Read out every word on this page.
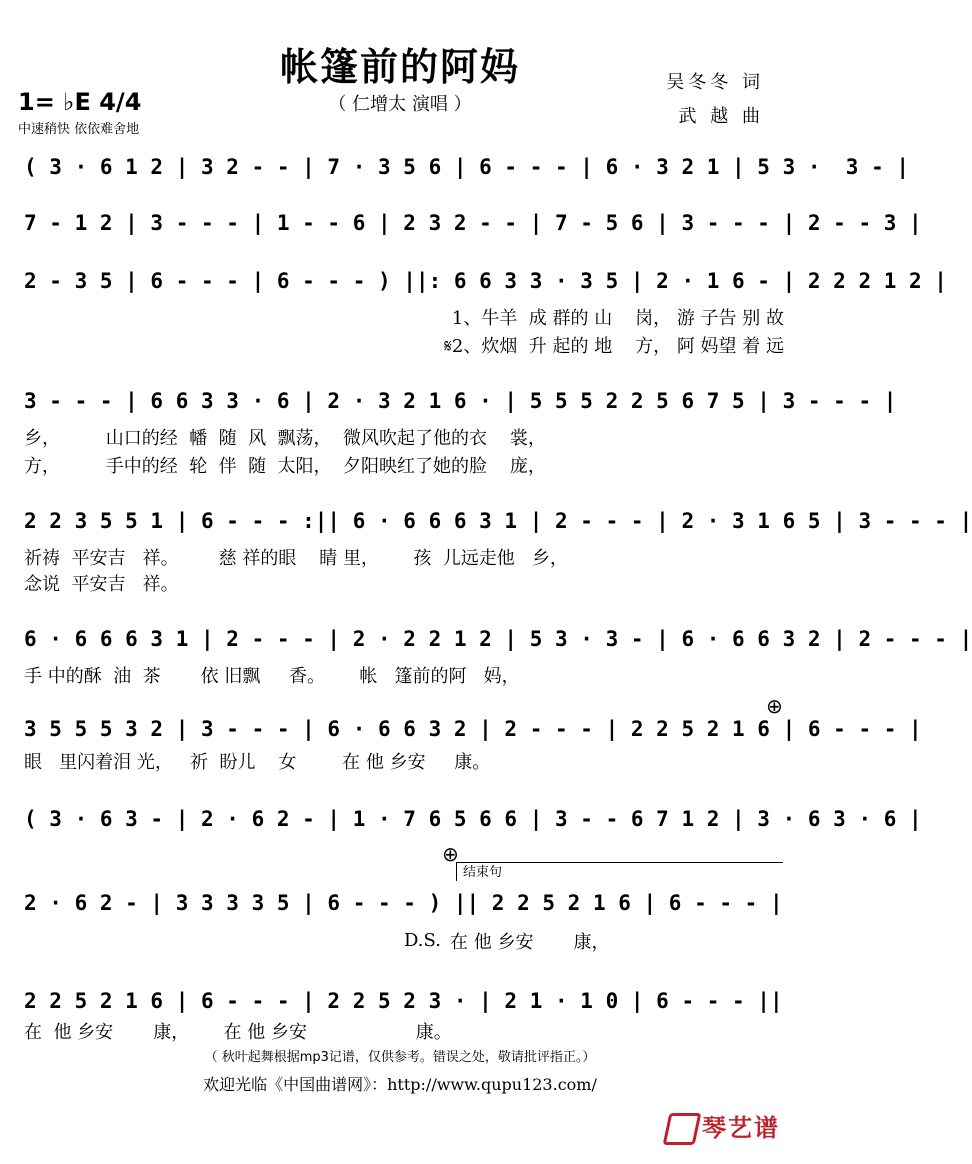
帐篷前的阿妈
1= ♭E 4/4
中速稍快 依依难舍地
（ 仁增太 演唱 ）
吴冬冬 词
武 越 曲
( 3 · 6 1 2 | 3 2 - - | 7 · 3 5 6 | 6 - - - | 6 · 3 2 1 | 5 3 ·  3 - |
7 - 1 2 | 3 - - - | 1 - - 6 | 2 3 2 - - | 7 - 5 6 | 3 - - - | 2 - - 3 |
2 - 3 5 | 6 - - - | 6 - - - ) ||: 6 6 3 3 · 3 5 | 2 · 1 6 - | 2 2 2 1 2 |
1、牛羊  成 群的 山    岗， 游 子告 别 故
𝄋2、炊烟  升 起的 地    方， 阿 妈望 着 远
3 - - - | 6 6 3 3 · 6 | 2 · 3 2 1 6 · | 5 5 5 2 2 5 6 7 5 | 3 - - - |
乡，        山口的经  幡  随  风  飘荡，  微风吹起了他的衣    裳，
方，        手中的经  轮  伴  随  太阳，  夕阳映红了她的脸    庞，
2 2 3 5 5 1 | 6 - - - :|| 6 · 6 6 6 3 1 | 2 - - - | 2 · 3 1 6 5 | 3 - - - |
祈祷  平安吉   祥。       慈 祥的眼    睛 里，      孩  儿远走他   乡，
念说  平安吉   祥。
6 · 6 6 6 3 1 | 2 - - - | 2 · 2 2 1 2 | 5 3 · 3 - | 6 · 6 6 3 2 | 2 - - - |
手 中的酥  油  茶       依 旧飘     香。      帐   篷前的阿   妈，
3 5 5 5 3 2 | 3 - - - | 6 · 6 6 3 2 | 2 - - - | 2 2 5 2 1 6 | 6 - - - |
⊕
眼   里闪着泪 光，   祈  盼儿    女        在 他 乡安     康。
( 3 · 6 3 - | 2 · 6 2 - | 1 · 7 6 5 6 6 | 3 - - 6 7 1 2 | 3 · 6 3 · 6 |
⊕
结束句
2 · 6 2 - | 3 3 3 3 5 | 6 - - - ) || 2 2 5 2 1 6 | 6 - - - |
D.S. 在 他 乡安       康，
2 2 5 2 1 6 | 6 - - - | 2 2 5 2 3 · | 2 1 · 1 0 | 6 - - - ||
在  他 乡安       康，      在 他 乡安                   康。
（ 秋叶起舞根据mp3记谱，仅供参考。错误之处，敬请批评指正。）
欢迎光临《中国曲谱网》：http://www.qupu123.com/
琴艺谱
